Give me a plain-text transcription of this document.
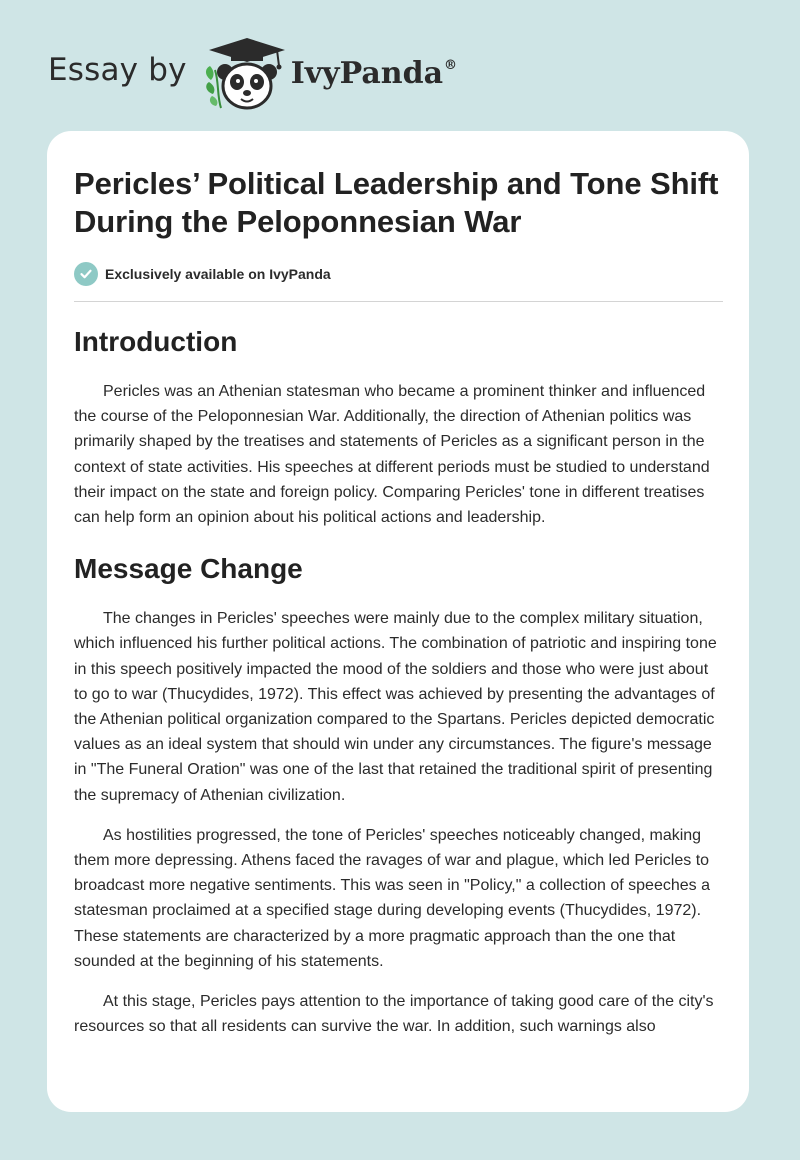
Essay by	IvyPanda®
Pericles’ Political Leadership and Tone Shift During the Peloponnesian War
Exclusively available on IvyPanda
Introduction

Pericles was an Athenian statesman who became a prominent thinker and influenced the course of the Peloponnesian War. Additionally, the direction of Athenian politics was primarily shaped by the treatises and statements of Pericles as a significant person in the context of state activities. His speeches at different periods must be studied to understand their impact on the state and foreign policy. Comparing Pericles' tone in different treatises can help form an opinion about his political actions and leadership.

Message Change

The changes in Pericles' speeches were mainly due to the complex military situation, which influenced his further political actions. The combination of patriotic and inspiring tone in this speech positively impacted the mood of the soldiers and those who were just about to go to war (Thucydides, 1972). This effect was achieved by presenting the advantages of the Athenian political organization compared to the Spartans. Pericles depicted democratic values as an ideal system that should win under any circumstances. The figure's message in "The Funeral Oration" was one of the last that retained the traditional spirit of presenting the supremacy of Athenian civilization.

As hostilities progressed, the tone of Pericles' speeches noticeably changed, making them more depressing. Athens faced the ravages of war and plague, which led Pericles to broadcast more negative sentiments. This was seen in "Policy," a collection of speeches a statesman proclaimed at a specified stage during developing events (Thucydides, 1972). These statements are characterized by a more pragmatic approach than the one that sounded at the beginning of his statements.

At this stage, Pericles pays attention to the importance of taking good care of the city's resources so that all residents can survive the war. In addition, such warnings also
